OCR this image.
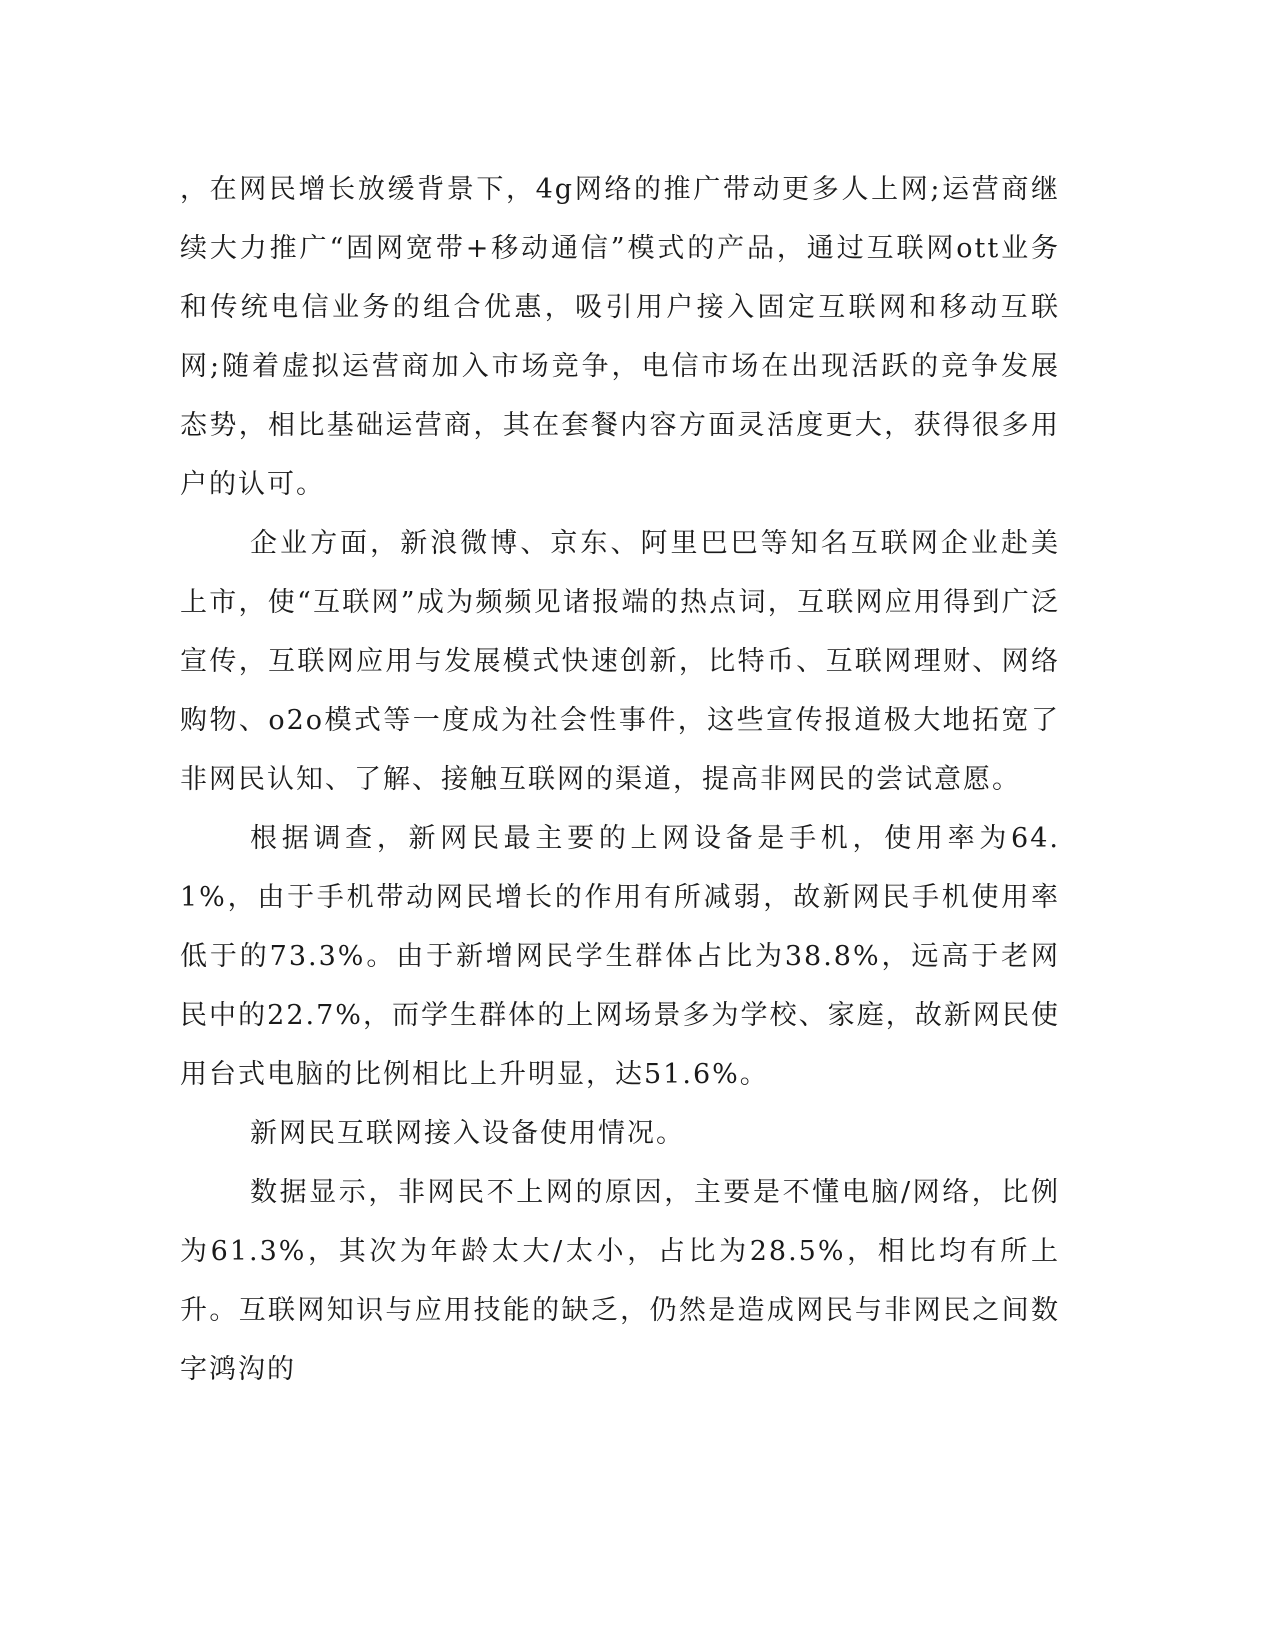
，在网民增长放缓背景下，4g网络的推广带动更多人上网;运营商继续大力推广“固网宽带+移动通信”模式的产品，通过互联网ott业务和传统电信业务的组合优惠，吸引用户接入固定互联网和移动互联网;随着虚拟运营商加入市场竞争，电信市场在出现活跃的竞争发展态势，相比基础运营商，其在套餐内容方面灵活度更大，获得很多用户的认可。

企业方面，新浪微博、京东、阿里巴巴等知名互联网企业赴美上市，使“互联网”成为频频见诸报端的热点词，互联网应用得到广泛宣传，互联网应用与发展模式快速创新，比特币、互联网理财、网络购物、o2o模式等一度成为社会性事件，这些宣传报道极大地拓宽了非网民认知、了解、接触互联网的渠道，提高非网民的尝试意愿。

根据调查，新网民最主要的上网设备是手机，使用率为64.1%，由于手机带动网民增长的作用有所减弱，故新网民手机使用率低于的73.3%。由于新增网民学生群体占比为38.8%，远高于老网民中的22.7%，而学生群体的上网场景多为学校、家庭，故新网民使用台式电脑的比例相比上升明显，达51.6%。

新网民互联网接入设备使用情况。

数据显示，非网民不上网的原因，主要是不懂电脑/网络，比例为61.3%，其次为年龄太大/太小，占比为28.5%，相比均有所上升。互联网知识与应用技能的缺乏，仍然是造成网民与非网民之间数字鸿沟的
